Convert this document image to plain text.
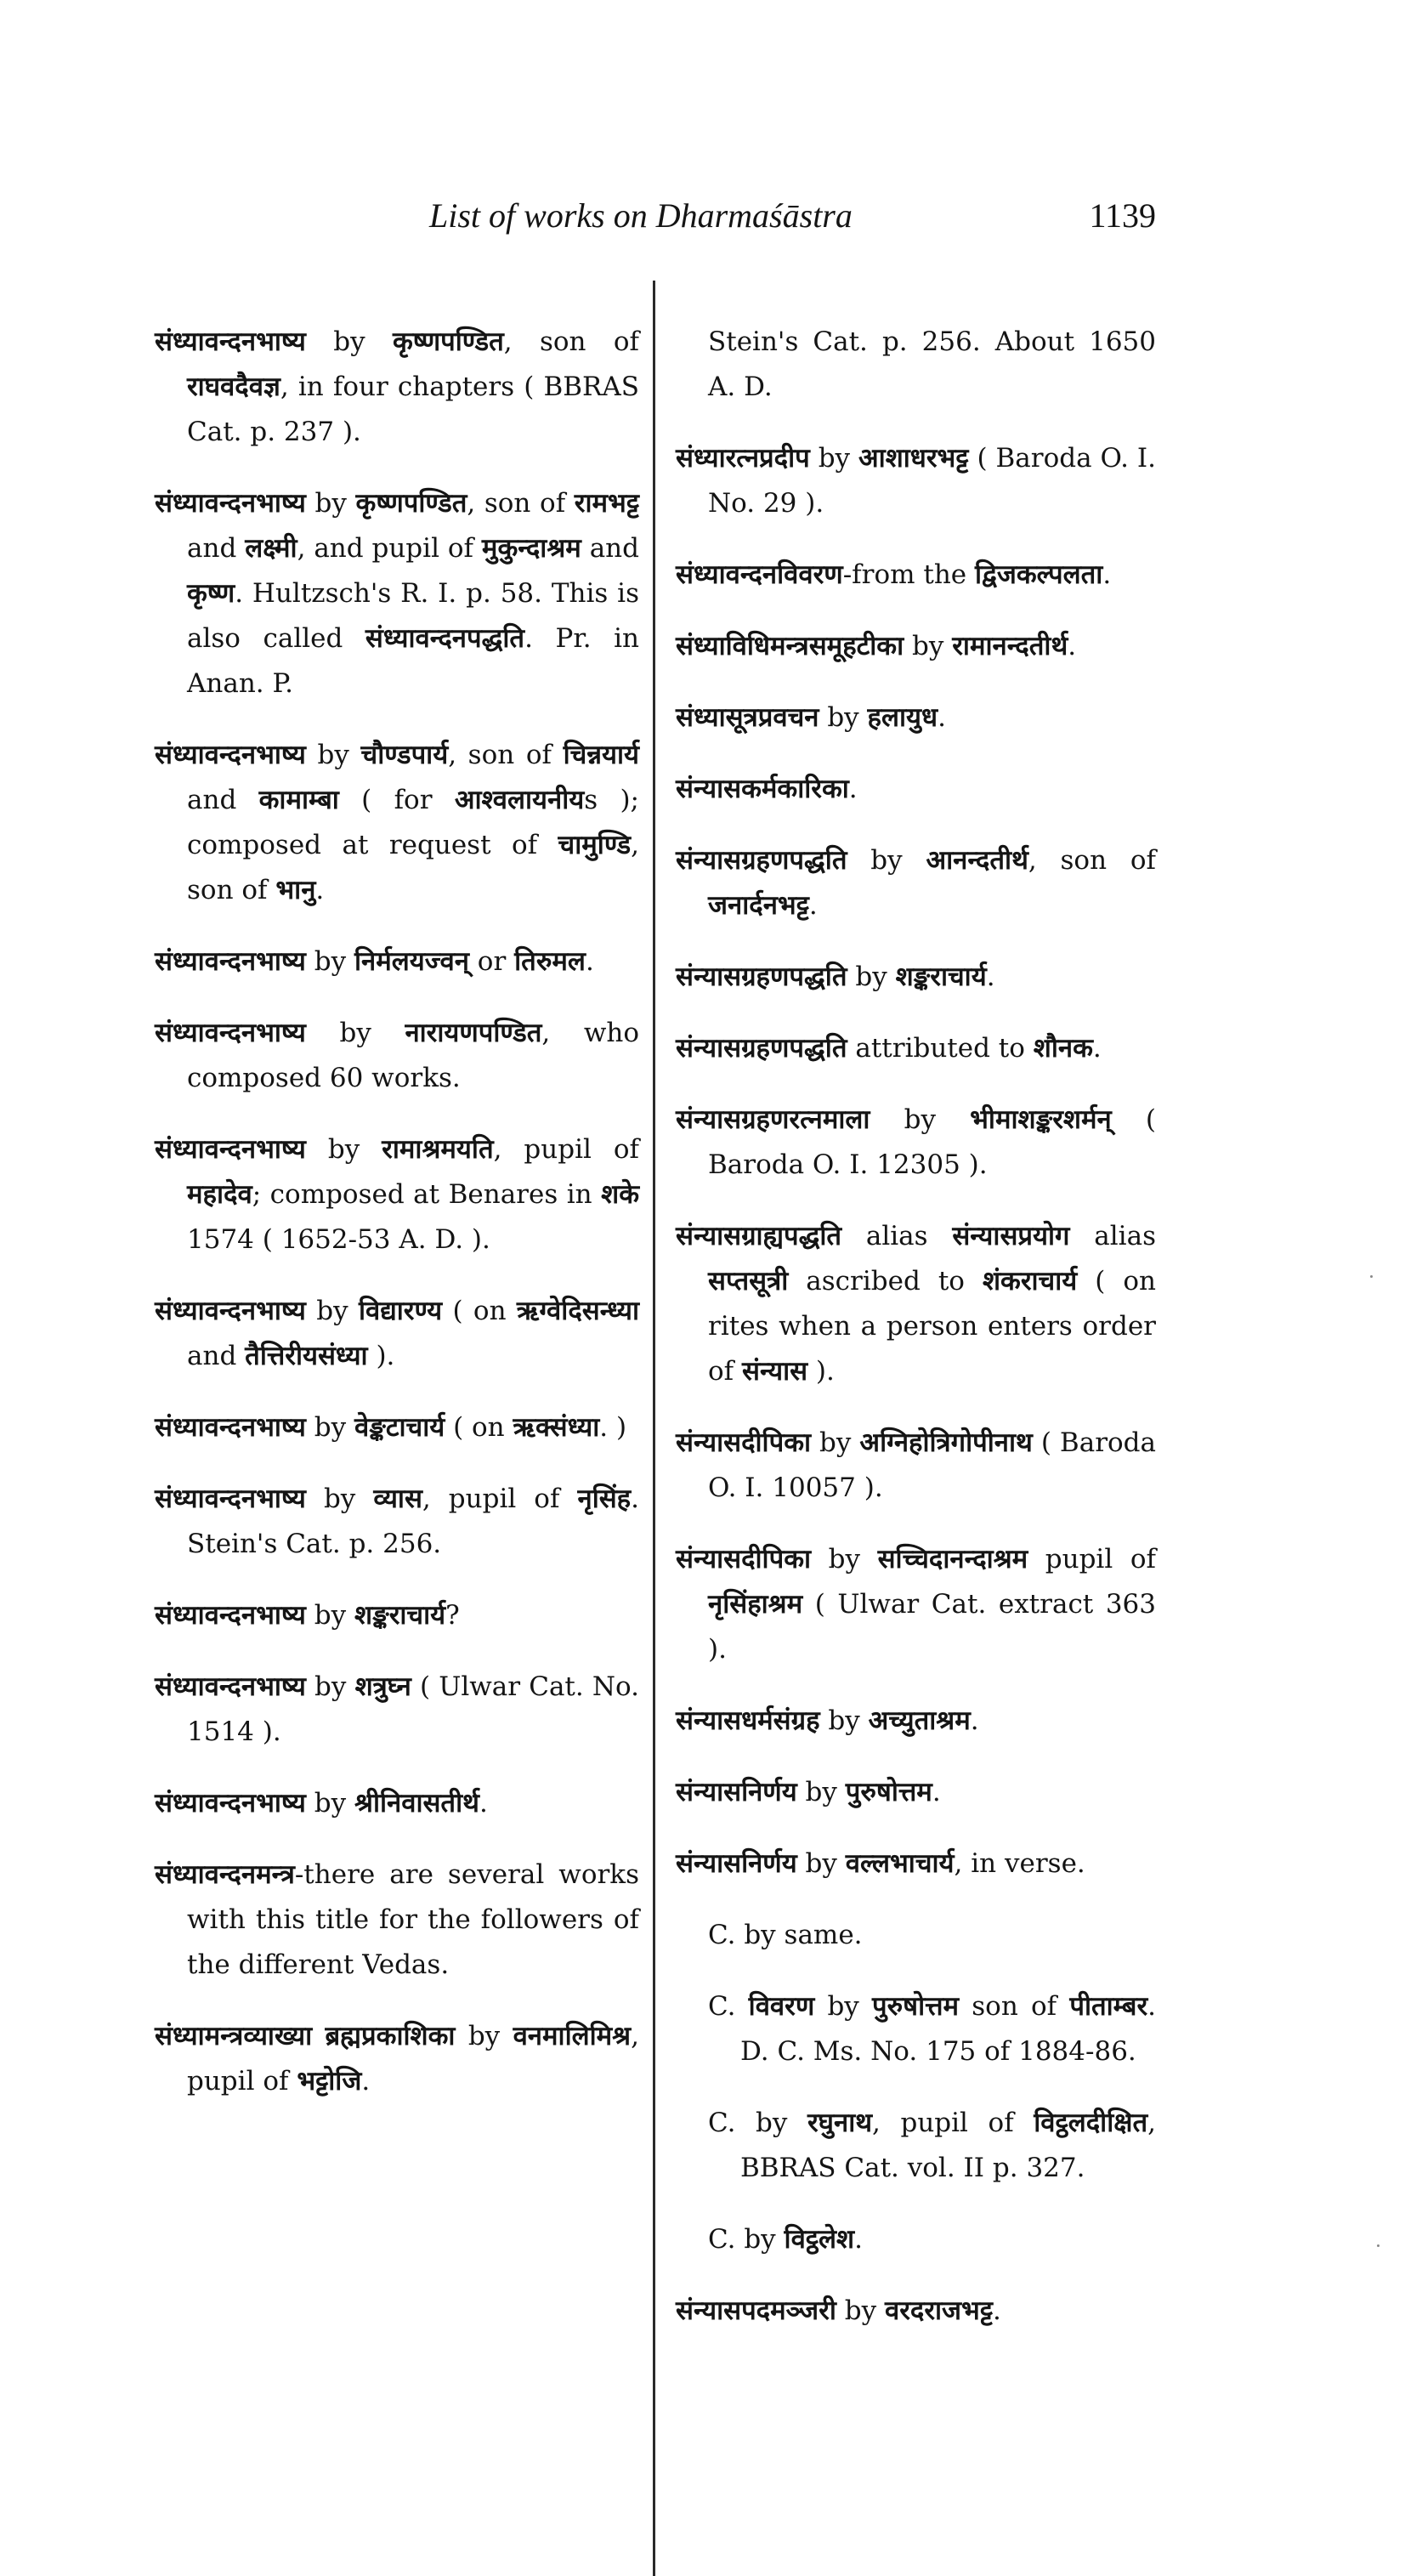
List of works on Dharmaśāstra	1139

संध्यावन्दनभाष्य by कृष्णपण्डित, son of राघवदैवज्ञ, in four chapters ( BBRAS Cat. p. 237 ).

संध्यावन्दनभाष्य by कृष्णपण्डित, son of रामभट्ट and लक्ष्मी, and pupil of मुकुन्दाश्रम and कृष्ण. Hultzsch's R. I. p. 58. This is also called संध्यावन्दनपद्धति. Pr. in Anan. P.

संध्यावन्दनभाष्य by चौण्डपार्य, son of चिन्नयार्य and कामाम्बा ( for आश्वलायनीयs ); composed at request of चामुण्डि, son of भानु.

संध्यावन्दनभाष्य by निर्मलयज्वन् or तिरुमल.

संध्यावन्दनभाष्य by नारायणपण्डित, who composed 60 works.

संध्यावन्दनभाष्य by रामाश्रमयति, pupil of महादेव; composed at Benares in शके 1574 ( 1652-53 A. D. ).

संध्यावन्दनभाष्य by विद्यारण्य ( on ऋग्वेदिसन्ध्या and तैत्तिरीयसंध्या ).

संध्यावन्दनभाष्य by वेङ्कटाचार्य ( on ऋक्संध्या. )

संध्यावन्दनभाष्य by व्यास, pupil of नृसिंह. Stein's Cat. p. 256.

संध्यावन्दनभाष्य by शङ्कराचार्य?

संध्यावन्दनभाष्य by शत्रुघ्न ( Ulwar Cat. No. 1514 ).

संध्यावन्दनभाष्य by श्रीनिवासतीर्थ.

संध्यावन्दनमन्त्र-there are several works with this title for the followers of the different Vedas.

संध्यामन्त्रव्याख्या ब्रह्मप्रकाशिका by वनमालिमिश्र, pupil of भट्टोजि.

Stein's Cat. p. 256. About 1650 A. D.

संध्यारत्नप्रदीप by आशाधरभट्ट ( Baroda O. I. No. 29 ).

संध्यावन्दनविवरण-from the द्विजकल्पलता.

संध्याविधिमन्त्रसमूहटीका by रामानन्दतीर्थ.

संध्यासूत्रप्रवचन by हलायुध.

संन्यासकर्मकारिका.

संन्यासग्रहणपद्धति by आनन्दतीर्थ, son of जनार्दनभट्ट.

संन्यासग्रहणपद्धति by शङ्कराचार्य.

संन्यासग्रहणपद्धति attributed to शौनक.

संन्यासग्रहणरत्नमाला by भीमाशङ्करशर्मन् ( Baroda O. I. 12305 ).

संन्यासग्राह्यपद्धति alias संन्यासप्रयोग alias सप्तसूत्री ascribed to शंकराचार्य ( on rites when a person enters order of संन्यास ).

संन्यासदीपिका by अग्निहोत्रिगोपीनाथ ( Baroda O. I. 10057 ).

संन्यासदीपिका by सच्चिदानन्दाश्रम pupil of नृसिंहाश्रम ( Ulwar Cat. extract 363 ).

संन्यासधर्मसंग्रह by अच्युताश्रम.

संन्यासनिर्णय by पुरुषोत्तम.

संन्यासनिर्णय by वल्लभाचार्य, in verse.

C. by same.

C. विवरण by पुरुषोत्तम son of पीताम्बर. D. C. Ms. No. 175 of 1884-86.

C. by रघुनाथ, pupil of विट्ठलदीक्षित, BBRAS Cat. vol. II p. 327.

C. by विट्ठलेश.

संन्यासपदमञ्जरी by वरदराजभट्ट.
